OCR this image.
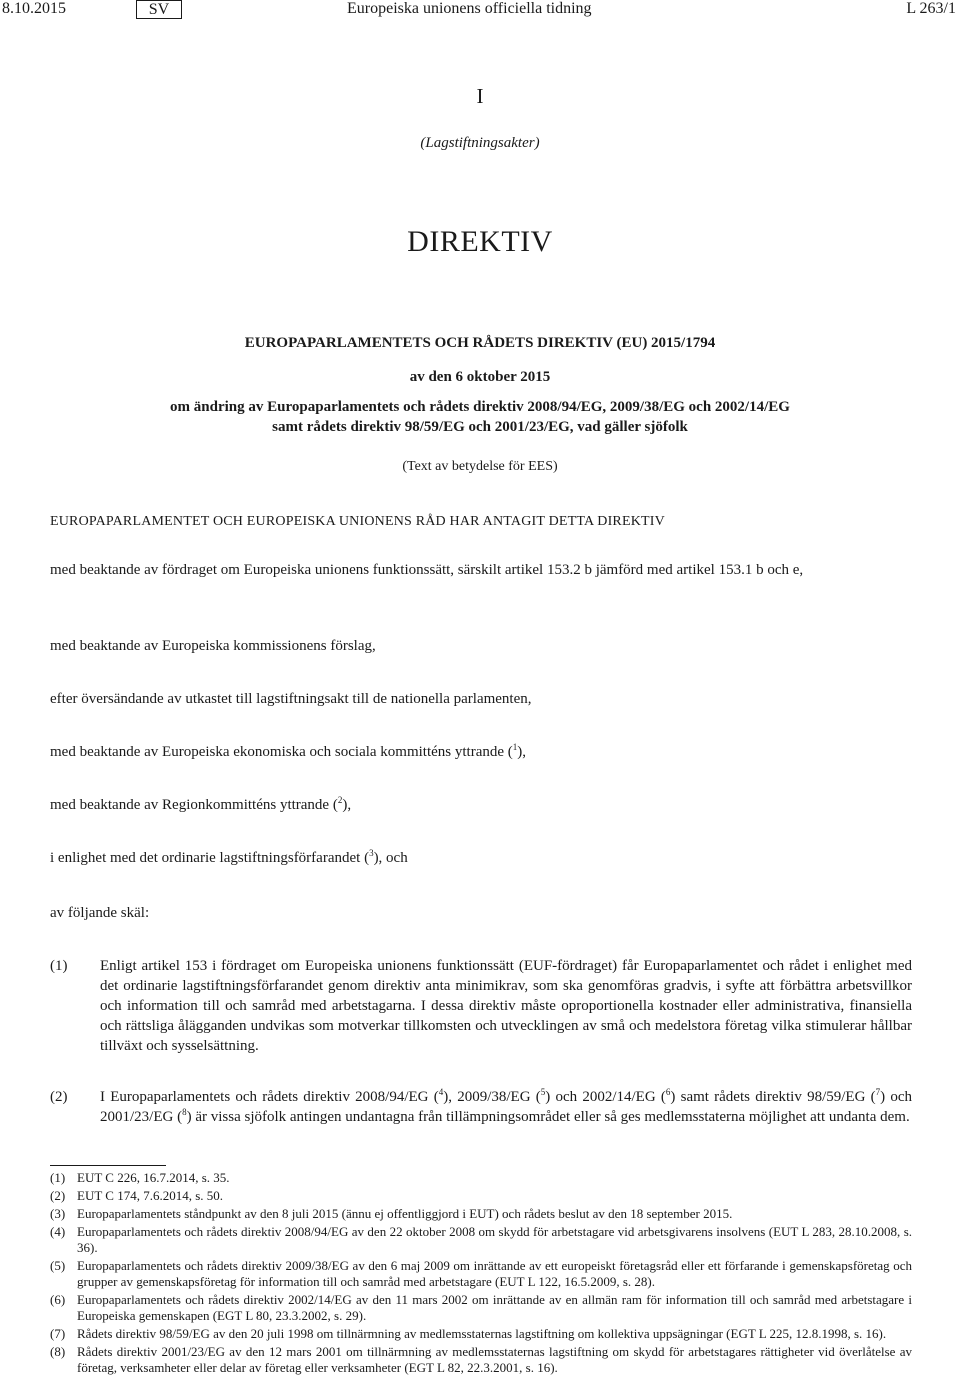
8.10.2015	SV	Europeiska unionens officiella tidning	L 263/1
I
(Lagstiftningsakter)
DIREKTIV
EUROPAPARLAMENTETS OCH RÅDETS DIREKTIV (EU) 2015/1794
av den 6 oktober 2015
om ändring av Europaparlamentets och rådets direktiv 2008/94/EG, 2009/38/EG och 2002/14/EG
samt rådets direktiv 98/59/EG och 2001/23/EG, vad gäller sjöfolk
(Text av betydelse för EES)
EUROPAPARLAMENTET OCH EUROPEISKA UNIONENS RÅD HAR ANTAGIT DETTA DIREKTIV

med beaktande av fördraget om Europeiska unionens funktionssätt, särskilt artikel 153.2 b jämförd med artikel 153.1 b och e,

med beaktande av Europeiska kommissionens förslag,

efter översändande av utkastet till lagstiftningsakt till de nationella parlamenten,

med beaktande av Europeiska ekonomiska och sociala kommitténs yttrande ($^1$),
med beaktande av Regionkommitténs yttrande ($^2$),
i enlighet med det ordinarie lagstiftningsförfarandet ($^3$), och
av följande skäl:
(1) Enligt artikel 153 i fördraget om Europeiska unionens funktionssätt (EUF-fördraget) får Europaparlamentet och rådet i enlighet med det ordinarie lagstiftningsförfarandet genom direktiv anta minimikrav, som ska genomföras gradvis, i syfte att förbättra arbetsvillkor och information till och samråd med arbetstagarna. I dessa direktiv måste oproportionella kostnader eller administrativa, finansiella och rättsliga ålägganden undvikas som motverkar tillkomsten och utvecklingen av små och medelstora företag vilka stimulerar hållbar tillväxt och sysselsättning.
(2) I Europaparlamentets och rådets direktiv 2008/94/EG ($^4$), 2009/38/EG ($^5$) och 2002/14/EG ($^6$) samt rådets direktiv 98/59/EG ($^7$) och 2001/23/EG ($^8$) är vissa sjöfolk antingen undantagna från tillämpningsområdet eller så ges medlemsstaterna möjlighet att undanta dem.
(1) EUT C 226, 16.7.2014, s. 35.
(2) EUT C 174, 7.6.2014, s. 50.
(3) Europaparlamentets ståndpunkt av den 8 juli 2015 (ännu ej offentliggjord i EUT) och rådets beslut av den 18 september 2015.
(4) Europaparlamentets och rådets direktiv 2008/94/EG av den 22 oktober 2008 om skydd för arbetstagare vid arbetsgivarens insolvens (EUT L 283, 28.10.2008, s. 36).
(5) Europaparlamentets och rådets direktiv 2009/38/EG av den 6 maj 2009 om inrättande av ett europeiskt företagsråd eller ett förfarande i gemenskapsföretag och grupper av gemenskapsföretag för information till och samråd med arbetstagare (EUT L 122, 16.5.2009, s. 28).
(6) Europaparlamentets och rådets direktiv 2002/14/EG av den 11 mars 2002 om inrättande av en allmän ram för information till och samråd med arbetstagare i Europeiska gemenskapen (EGT L 80, 23.3.2002, s. 29).
(7) Rådets direktiv 98/59/EG av den 20 juli 1998 om tillnärmning av medlemsstaternas lagstiftning om kollektiva uppsägningar (EGT L 225, 12.8.1998, s. 16).
(8) Rådets direktiv 2001/23/EG av den 12 mars 2001 om tillnärmning av medlemsstaternas lagstiftning om skydd för arbetstagares rättigheter vid överlåtelse av företag, verksamheter eller delar av företag eller verksamheter (EGT L 82, 22.3.2001, s. 16).
